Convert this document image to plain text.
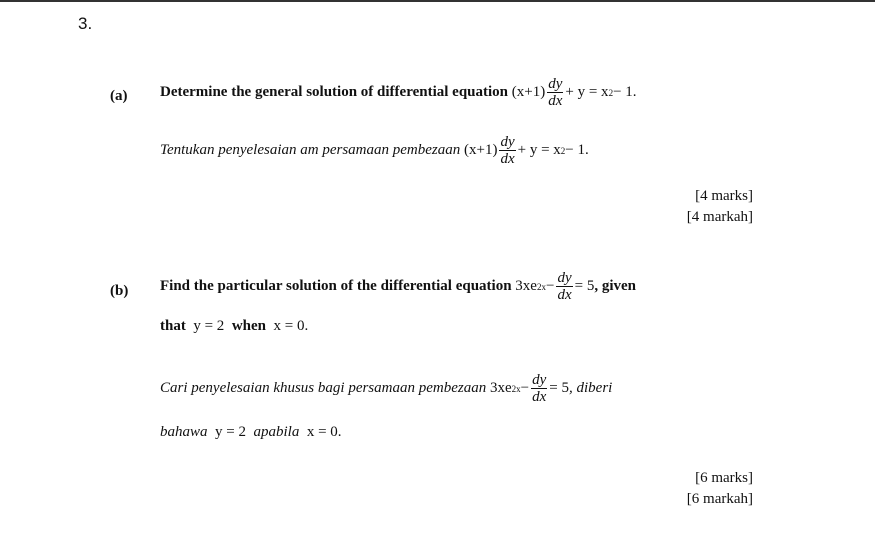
3.
(a) Determine the general solution of differential equation
$(x+1) \frac{dy}{dx} + y = x$ 2 − 1.
Tentukan penyelesaian am persamaan pembezaan
$(x+1) \frac{dy}{dx} + y = x$ 2 − 1.
[4 marks]
[4 markah]
(b) Find the particular solution of the differential equation
3xe $2x - \frac{dy}{dx} = 5$ , given
that y = 2 when x = 0.
Cari penyelesaian khusus bagi persamaan pembezaan
3xe $2x - \frac{dy}{dx} = 5$ , diberi
bahawa y = 2 apabila x = 0.
[6 marks]
[6 markah]
